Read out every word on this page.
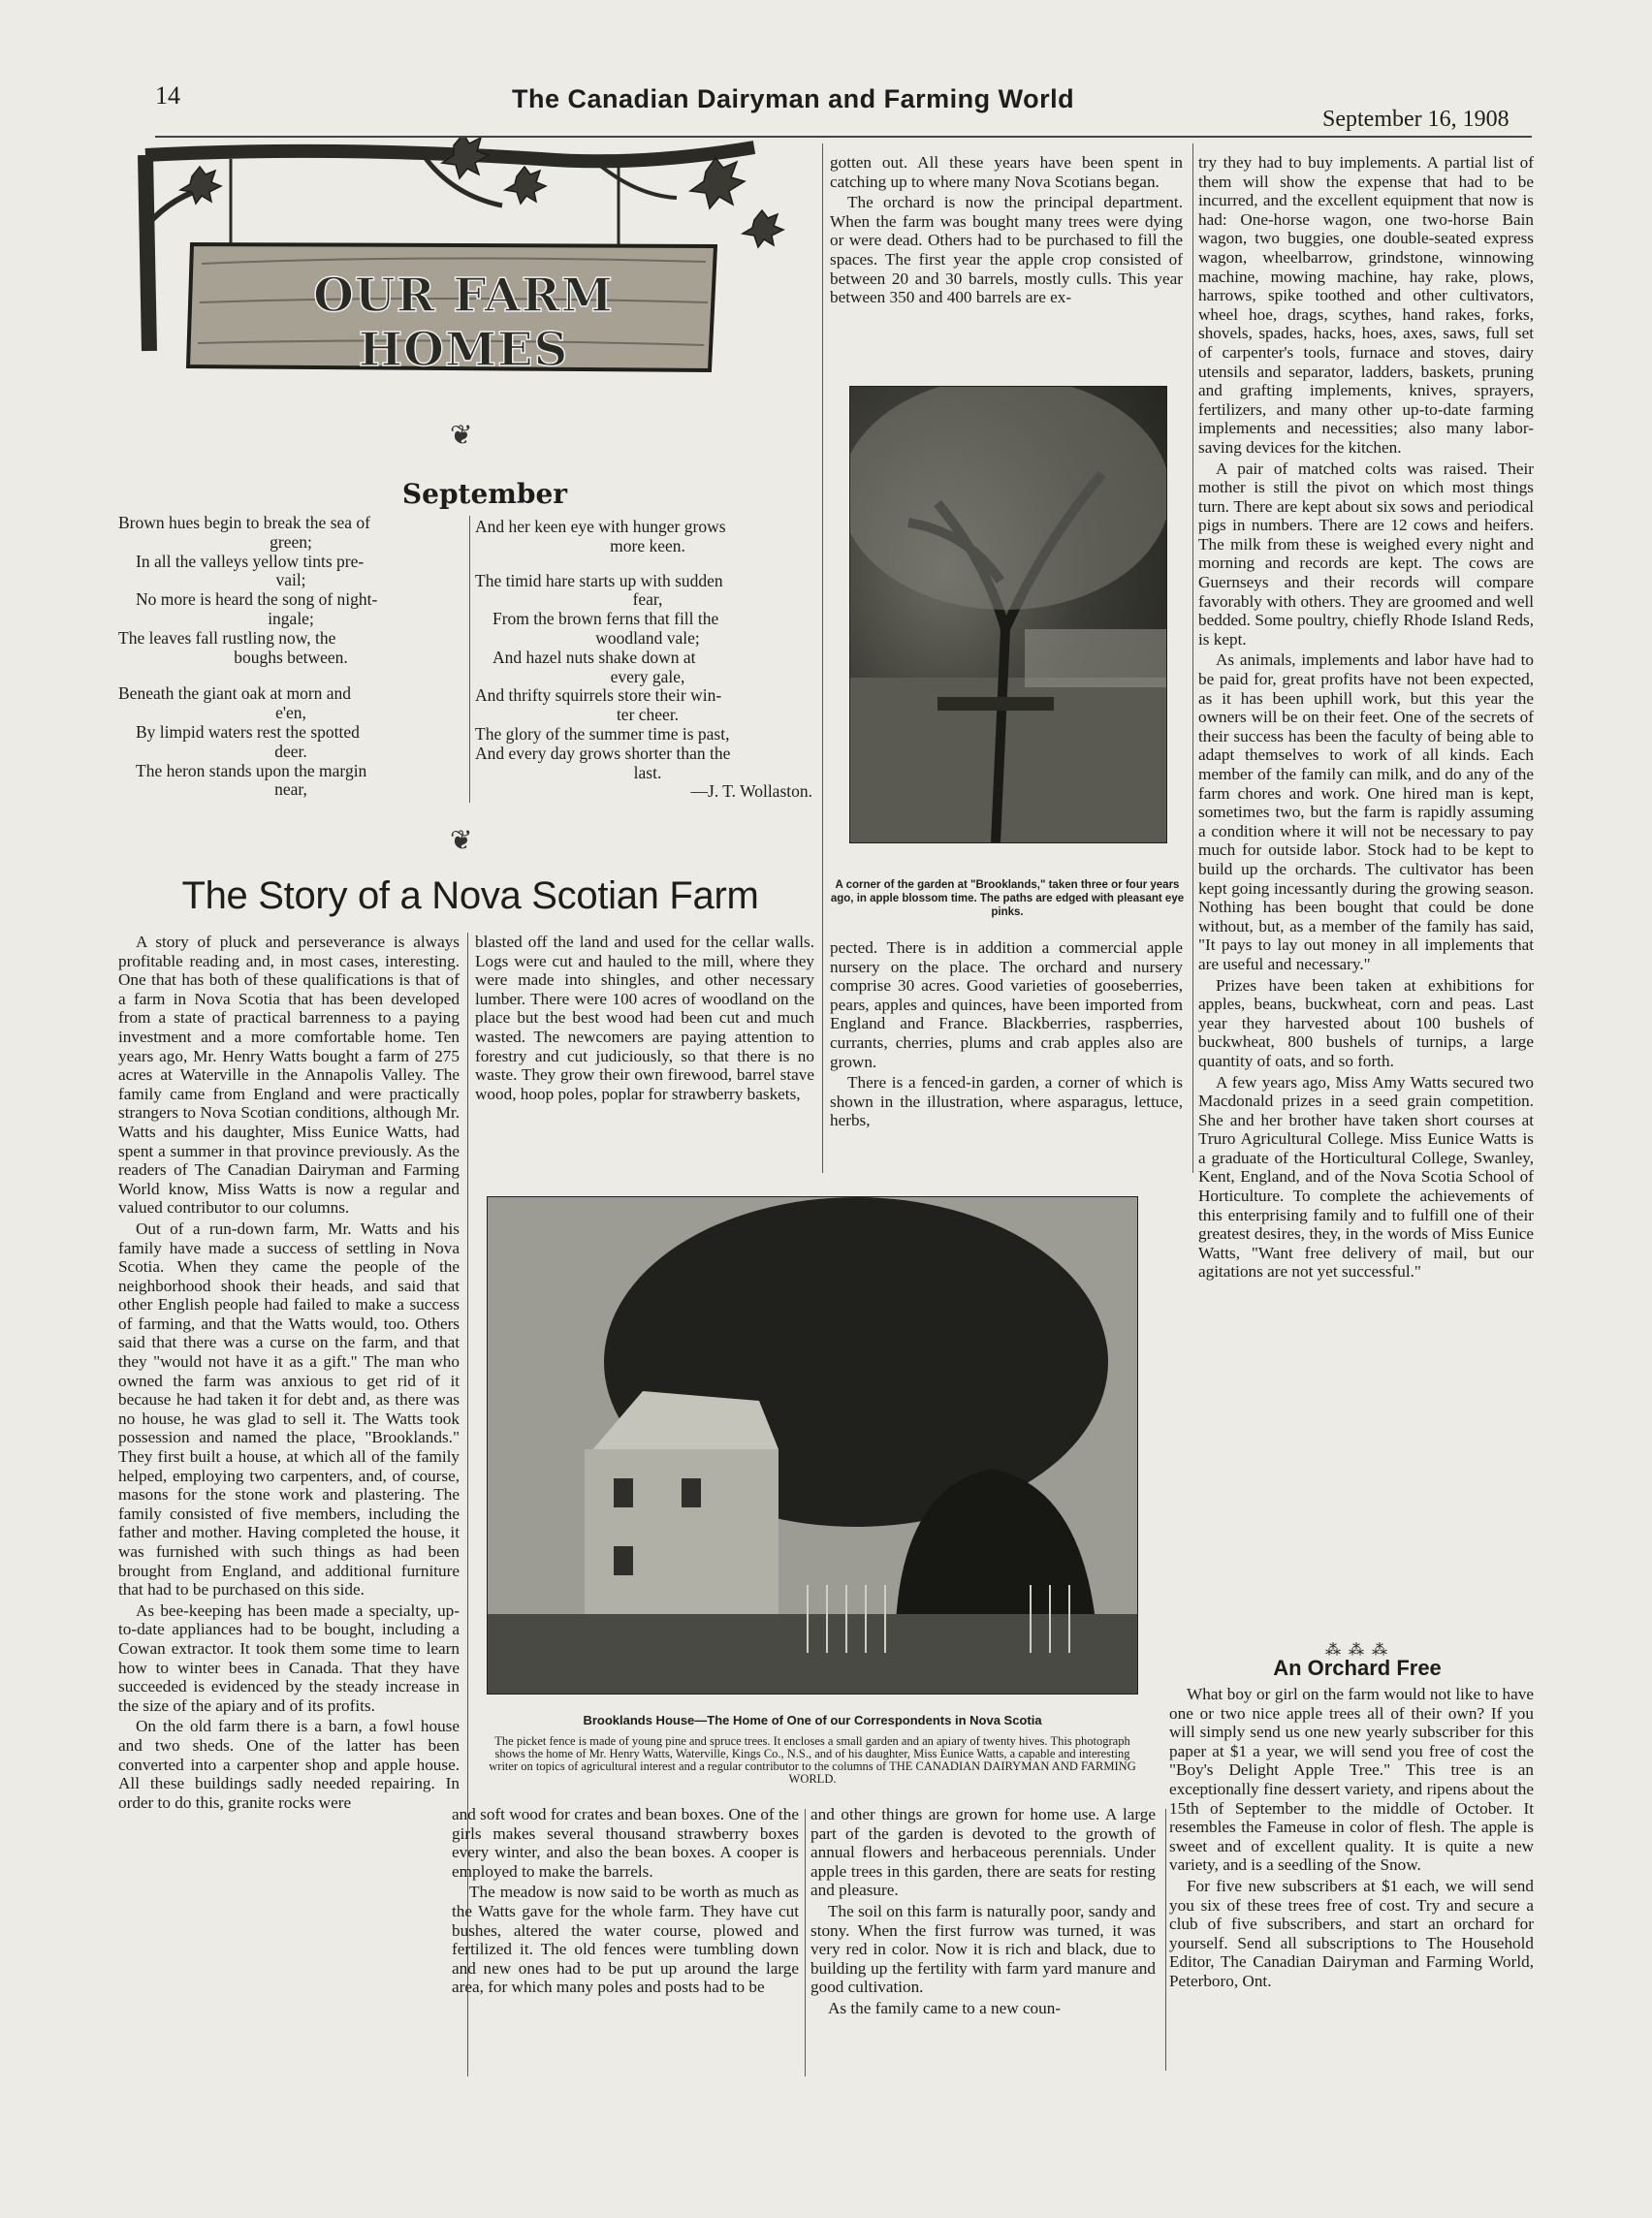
14	The Canadian Dairyman and Farming World
September 16, 1908
OUR FARM HOMES
❦
❦
September
Brown hues begin to break the sea of
green;
In all the valleys yellow tints pre-
vail;
No more is heard the song of night-
ingale;
The leaves fall rustling now, the
boughs between.
Beneath the giant oak at morn and
e'en,
By limpid waters rest the spotted
deer.
The heron stands upon the margin
near,
And her keen eye with hunger grows
more keen.
The timid hare starts up with sudden
fear,
From the brown ferns that fill the
woodland vale;
And hazel nuts shake down at
every gale,
And thrifty squirrels store their win-
ter cheer.
The glory of the summer time is past,
And every day grows shorter than the
last.
—J. T. Wollaston.
The Story of a Nova Scotian Farm

A story of pluck and perseverance is always profitable reading and, in most cases, interesting. One that has both of these qualifications is that of a farm in Nova Scotia that has been developed from a state of practical barrenness to a paying investment and a more comfortable home. Ten years ago, Mr. Henry Watts bought a farm of 275 acres at Waterville in the Annapolis Valley. The family came from England and were practically strangers to Nova Scotian conditions, although Mr. Watts and his daughter, Miss Eunice Watts, had spent a summer in that province previously. As the readers of The Canadian Dairyman and Farming World know, Miss Watts is now a regular and valued contributor to our columns.

Out of a run-down farm, Mr. Watts and his family have made a success of settling in Nova Scotia. When they came the people of the neighborhood shook their heads, and said that other English people had failed to make a success of farming, and that the Watts would, too. Others said that there was a curse on the farm, and that they "would not have it as a gift." The man who owned the farm was anxious to get rid of it because he had taken it for debt and, as there was no house, he was glad to sell it. The Watts took possession and named the place, "Brooklands." They first built a house, at which all of the family helped, employing two carpenters, and, of course, masons for the stone work and plastering. The family consisted of five members, including the father and mother. Having completed the house, it was furnished with such things as had been brought from England, and additional furniture that had to be purchased on this side.

As bee-keeping has been made a specialty, up-to-date appliances had to be bought, including a Cowan extractor. It took them some time to learn how to winter bees in Canada. That they have succeeded is evidenced by the steady increase in the size of the apiary and of its profits.

On the old farm there is a barn, a fowl house and two sheds. One of the latter has been converted into a carpenter shop and apple house. All these buildings sadly needed repairing. In order to do this, granite rocks were

blasted off the land and used for the cellar walls. Logs were cut and hauled to the mill, where they were made into shingles, and other necessary lumber. There were 100 acres of woodland on the place but the best wood had been cut and much wasted. The newcomers are paying attention to forestry and cut judiciously, so that there is no waste. They grow their own firewood, barrel stave wood, hoop poles, poplar for strawberry baskets,

and soft wood for crates and bean boxes. One of the girls makes several thousand strawberry boxes every winter, and also the bean boxes. A cooper is employed to make the barrels.

The meadow is now said to be worth as much as the Watts gave for the whole farm. They have cut bushes, altered the water course, plowed and fertilized it. The old fences were tumbling down and new ones had to be put up around the large area, for which many poles and posts had to be

gotten out. All these years have been spent in catching up to where many Nova Scotians began.

The orchard is now the principal department. When the farm was bought many trees were dying or were dead. Others had to be purchased to fill the spaces. The first year the apple crop consisted of between 20 and 30 barrels, mostly culls. This year between 350 and 400 barrels are ex-

A corner of the garden at "Brooklands," taken three or four years ago, in apple blossom time. The paths are edged with pleasant eye pinks.

pected. There is in addition a commercial apple nursery on the place. The orchard and nursery comprise 30 acres. Good varieties of gooseberries, pears, apples and quinces, have been imported from England and France. Blackberries, raspberries, currants, cherries, plums and crab apples also are grown.

There is a fenced-in garden, a corner of which is shown in the illustration, where asparagus, lettuce, herbs,

Brooklands House—The Home of One of our Correspondents in Nova Scotia
The picket fence is made of young pine and spruce trees. It encloses a small garden and an apiary of twenty hives. This photograph shows the home of Mr. Henry Watts, Waterville, Kings Co., N.S., and of his daughter, Miss Eunice Watts, a capable and interesting writer on topics of agricultural interest and a regular contributor to the columns of THE CANADIAN DAIRYMAN AND FARMING WORLD.

and other things are grown for home use. A large part of the garden is devoted to the growth of annual flowers and herbaceous perennials. Under apple trees in this garden, there are seats for resting and pleasure.

The soil on this farm is naturally poor, sandy and stony. When the first furrow was turned, it was very red in color. Now it is rich and black, due to building up the fertility with farm yard manure and good cultivation.

As the family came to a new coun-

try they had to buy implements. A partial list of them will show the expense that had to be incurred, and the excellent equipment that now is had: One-horse wagon, one two-horse Bain wagon, two buggies, one double-seated express wagon, wheelbarrow, grindstone, winnowing machine, mowing machine, hay rake, plows, harrows, spike toothed and other cultivators, wheel hoe, drags, scythes, hand rakes, forks, shovels, spades, hacks, hoes, axes, saws, full set of carpenter's tools, furnace and stoves, dairy utensils and separator, ladders, baskets, pruning and grafting implements, knives, sprayers, fertilizers, and many other up-to-date farming implements and necessities; also many labor-saving devices for the kitchen.

A pair of matched colts was raised. Their mother is still the pivot on which most things turn. There are kept about six sows and periodical pigs in numbers. There are 12 cows and heifers. The milk from these is weighed every night and morning and records are kept. The cows are Guernseys and their records will compare favorably with others. They are groomed and well bedded. Some poultry, chiefly Rhode Island Reds, is kept.

As animals, implements and labor have had to be paid for, great profits have not been expected, as it has been uphill work, but this year the owners will be on their feet. One of the secrets of their success has been the faculty of being able to adapt themselves to work of all kinds. Each member of the family can milk, and do any of the farm chores and work. One hired man is kept, sometimes two, but the farm is rapidly assuming a condition where it will not be necessary to pay much for outside labor. Stock had to be kept to build up the orchards. The cultivator has been kept going incessantly during the growing season. Nothing has been bought that could be done without, but, as a member of the family has said, "It pays to lay out money in all implements that are useful and necessary."

Prizes have been taken at exhibitions for apples, beans, buckwheat, corn and peas. Last year they harvested about 100 bushels of buckwheat, 800 bushels of turnips, a large quantity of oats, and so forth.

A few years ago, Miss Amy Watts secured two Macdonald prizes in a seed grain competition. She and her brother have taken short courses at Truro Agricultural College. Miss Eunice Watts is a graduate of the Horticultural College, Swanley, Kent, England, and of the Nova Scotia School of Horticulture. To complete the achievements of this enterprising family and to fulfill one of their greatest desires, they, in the words of Miss Eunice Watts, "Want free delivery of mail, but our agitations are not yet successful."

⁂ ⁂ ⁂
An Orchard Free

What boy or girl on the farm would not like to have one or two nice apple trees all of their own? If you will simply send us one new yearly subscriber for this paper at $1 a year, we will send you free of cost the "Boy's Delight Apple Tree." This tree is an exceptionally fine dessert variety, and ripens about the 15th of September to the middle of October. It resembles the Fameuse in color of flesh. The apple is sweet and of excellent quality. It is quite a new variety, and is a seedling of the Snow.

For five new subscribers at $1 each, we will send you six of these trees free of cost. Try and secure a club of five subscribers, and start an orchard for yourself. Send all subscriptions to The Household Editor, The Canadian Dairyman and Farming World, Peterboro, Ont.
